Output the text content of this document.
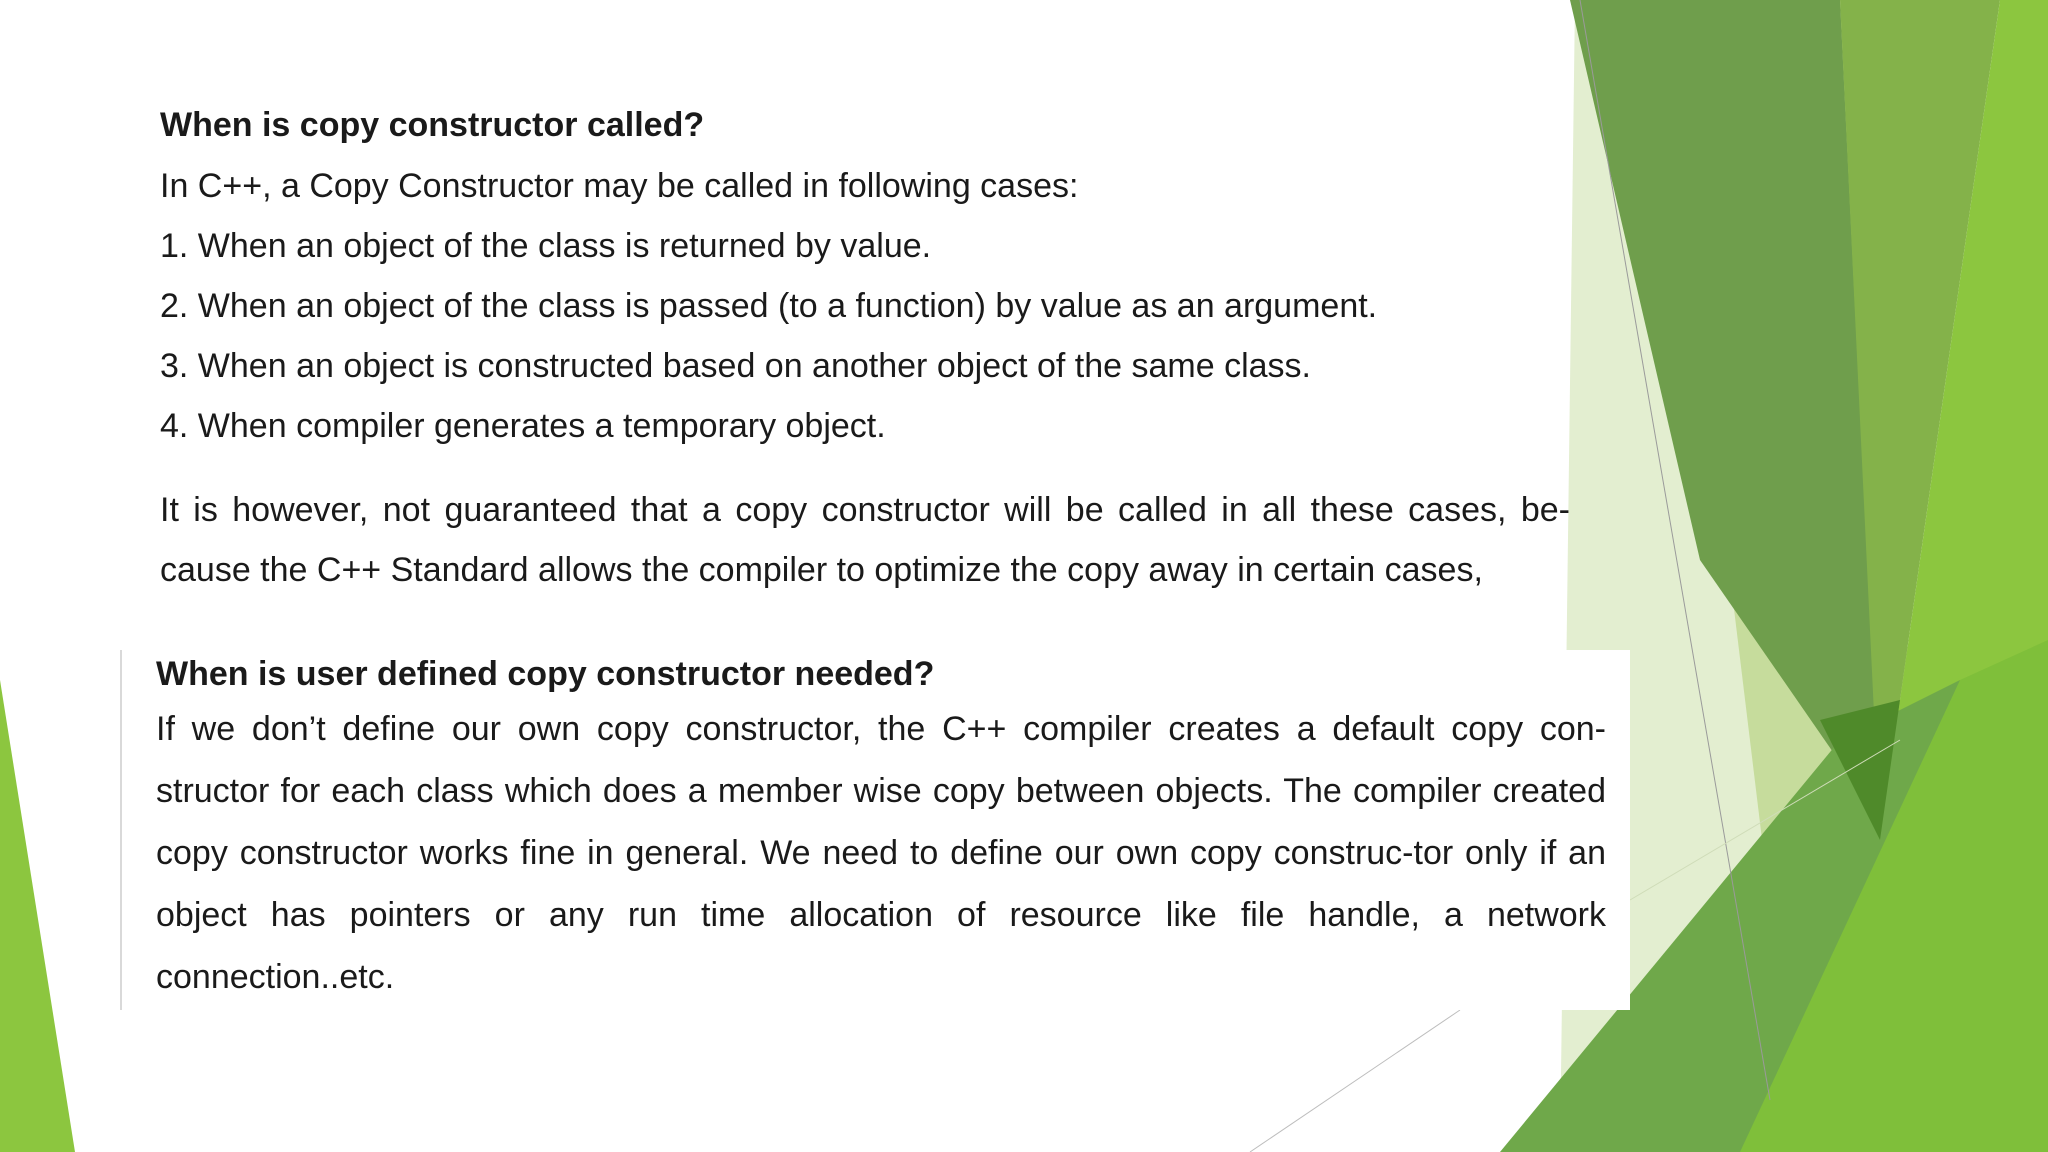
When is copy constructor called?

In C++, a Copy Constructor may be called in following cases:

1. When an object of the class is returned by value.

2. When an object of the class is passed (to a function) by value as an argument.

3. When an object is constructed based on another object of the same class.

4. When compiler generates a temporary object.

It is however, not guaranteed that a copy constructor will be called in all these cases, be-cause the C++ Standard allows the compiler to optimize the copy away in certain cases,

When is user defined copy constructor needed?

If we don’t define our own copy constructor, the C++ compiler creates a default copy con-structor for each class which does a member wise copy between objects. The compiler created copy constructor works fine in general. We need to define our own copy construc-tor only if an object has pointers or any run time allocation of resource like file handle, a network connection..etc.
